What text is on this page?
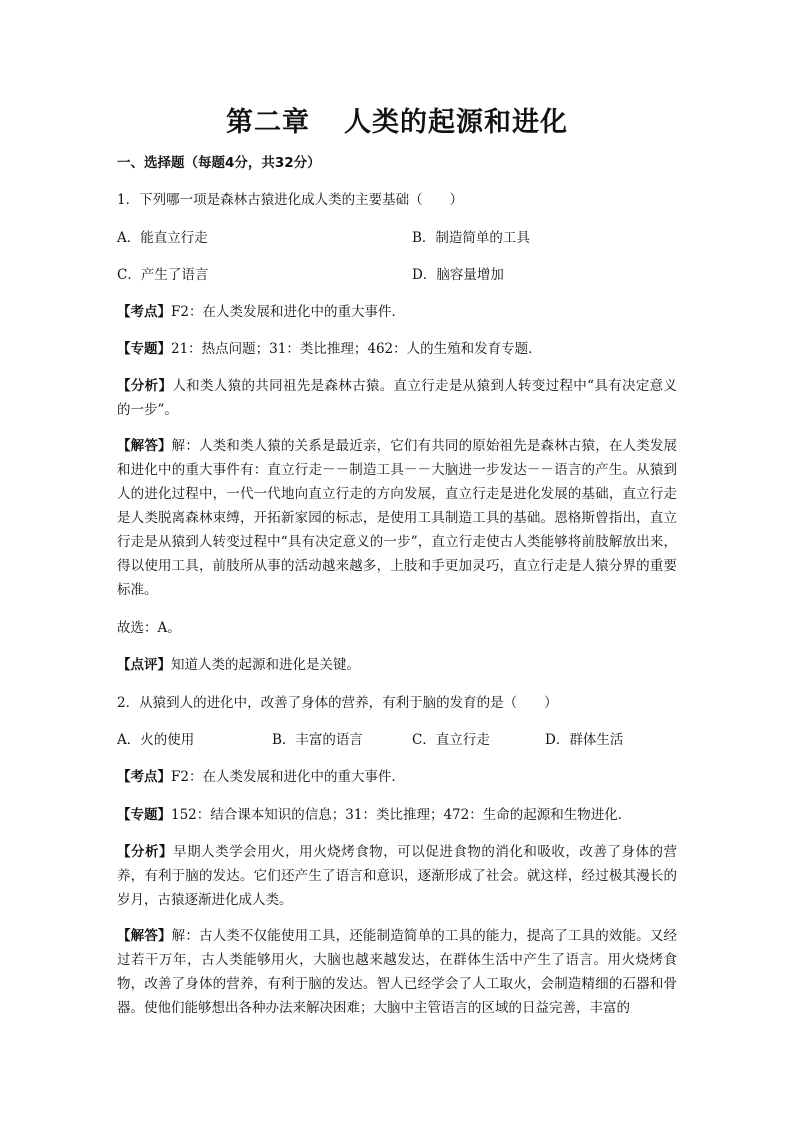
第二章 人类的起源和进化
一、选择题（每题4分，共32分）
1．下列哪一项是森林古猿进化成人类的主要基础（　　）
A．能直立行走	B．制造简单的工具
C．产生了语言	D．脑容量增加
【考点】F2：在人类发展和进化中的重大事件．
【专题】21：热点问题；31：类比推理；462：人的生殖和发育专题．
【分析】人和类人猿的共同祖先是森林古猿。直立行走是从猿到人转变过程中“具有决定意义的一步”。
【解答】解：人类和类人猿的关系是最近亲，它们有共同的原始祖先是森林古猿，在人类发展和进化中的重大事件有：直立行走－－制造工具－－大脑进一步发达－－语言的产生。从猿到人的进化过程中，一代一代地向直立行走的方向发展，直立行走是进化发展的基础，直立行走是人类脱离森林束缚，开拓新家园的标志，是使用工具制造工具的基础。恩格斯曾指出，直立行走是从猿到人转变过程中“具有决定意义的一步”，直立行走使古人类能够将前肢解放出来，得以使用工具，前肢所从事的活动越来越多，上肢和手更加灵巧，直立行走是人猿分界的重要标准。
故选：A。
【点评】知道人类的起源和进化是关键。
2．从猿到人的进化中，改善了身体的营养，有利于脑的发育的是（　　）
A．火的使用	B．丰富的语言	C．直立行走	D．群体生活
【考点】F2：在人类发展和进化中的重大事件．
【专题】152：结合课本知识的信息；31：类比推理；472：生命的起源和生物进化．
【分析】早期人类学会用火，用火烧烤食物，可以促进食物的消化和吸收，改善了身体的营养，有利于脑的发达。它们还产生了语言和意识，逐渐形成了社会。就这样，经过极其漫长的岁月，古猿逐渐进化成人类。
【解答】解：古人类不仅能使用工具，还能制造简单的工具的能力，提高了工具的效能。又经过若干万年，古人类能够用火，大脑也越来越发达，在群体生活中产生了语言。用火烧烤食物，改善了身体的营养，有利于脑的发达。智人已经学会了人工取火，会制造精细的石器和骨器。使他们能够想出各种办法来解决困难；大脑中主管语言的区域的日益完善，丰富的
